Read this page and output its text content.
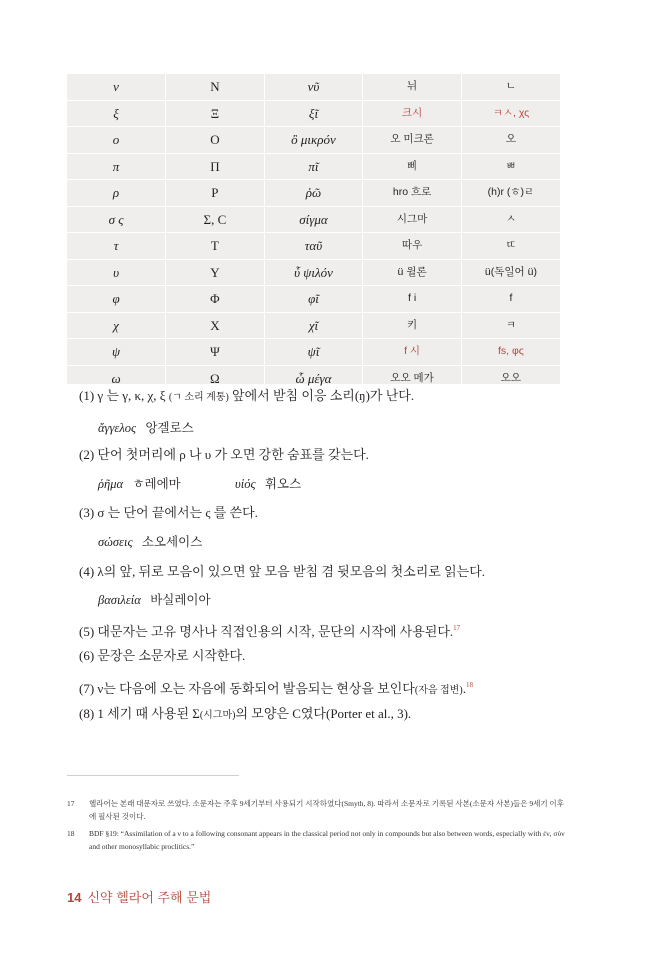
ν	Ν	νῦ	뉘	ㄴ
ξ	Ξ	ξῖ	크시	ㅋㅅ, χς
ο	Ο	ὂ μικρόν	오 미크론	오
π	Π	πῖ	삐	ㅃ
ρ	Ρ	ῥῶ	hro 흐로	(h)r (ㅎ)ㄹ
σ ς	Σ, C	σίγμα	시그마	ㅅ
τ	Τ	ταῦ	따우	ㄸ
υ	Υ	ὖ ψιλόν	ü 윌론	ü(독일어 ü)
φ	Φ	φῖ	f i	f
χ	Χ	χῖ	키	ㅋ
ψ	Ψ	ψῖ	f 시	fs, φς
ω	Ω	ὦ μέγα	오오 메가	오오
(1) γ 는 γ, κ, χ, ξ (ㄱ 소리 계통) 앞에서 받침 이응 소리(ŋ)가 난다.
ἄγγελος 앙겔로스
(2) 단어 첫머리에 ρ 나 υ 가 오면 강한 숨표를 갖는다.
ῥῆμα ㅎ레에마	υἱός 휘오스
(3) σ 는 단어 끝에서는 ς 를 쓴다.
σώσεις 소오세이스
(4) λ의 앞, 뒤로 모음이 있으면 앞 모음 받침 겸 뒷모음의 첫소리로 읽는다.
βασιλεία 바실레이아
(5) 대문자는 고유 명사나 직접인용의 시작, 문단의 시작에 사용된다.$^{17}$
(6) 문장은 소문자로 시작한다.
(7) ν는 다음에 오는 자음에 동화되어 발음되는 현상을 보인다(자음 접변).$^{18}$
(8) 1 세기 때 사용된 Σ(시그마)의 모양은 C였다(Porter et al., 3).
17 헬라어는 본래 대문자로 쓰였다. 소문자는 주후 9세기부터 사용되기 시작하였다(Smyth, 8). 따라서 소문자로 기록된 사본(소문자 사본)들은 9세기 이후에 필사된 것이다.
18 BDF §19: “Assimilation of a ν to a following consonant appears in the classical period not only in compounds but also between words, especially with ἐν, σύν and other monosyllabic proclitics.”
14 신약 헬라어 주해 문법
